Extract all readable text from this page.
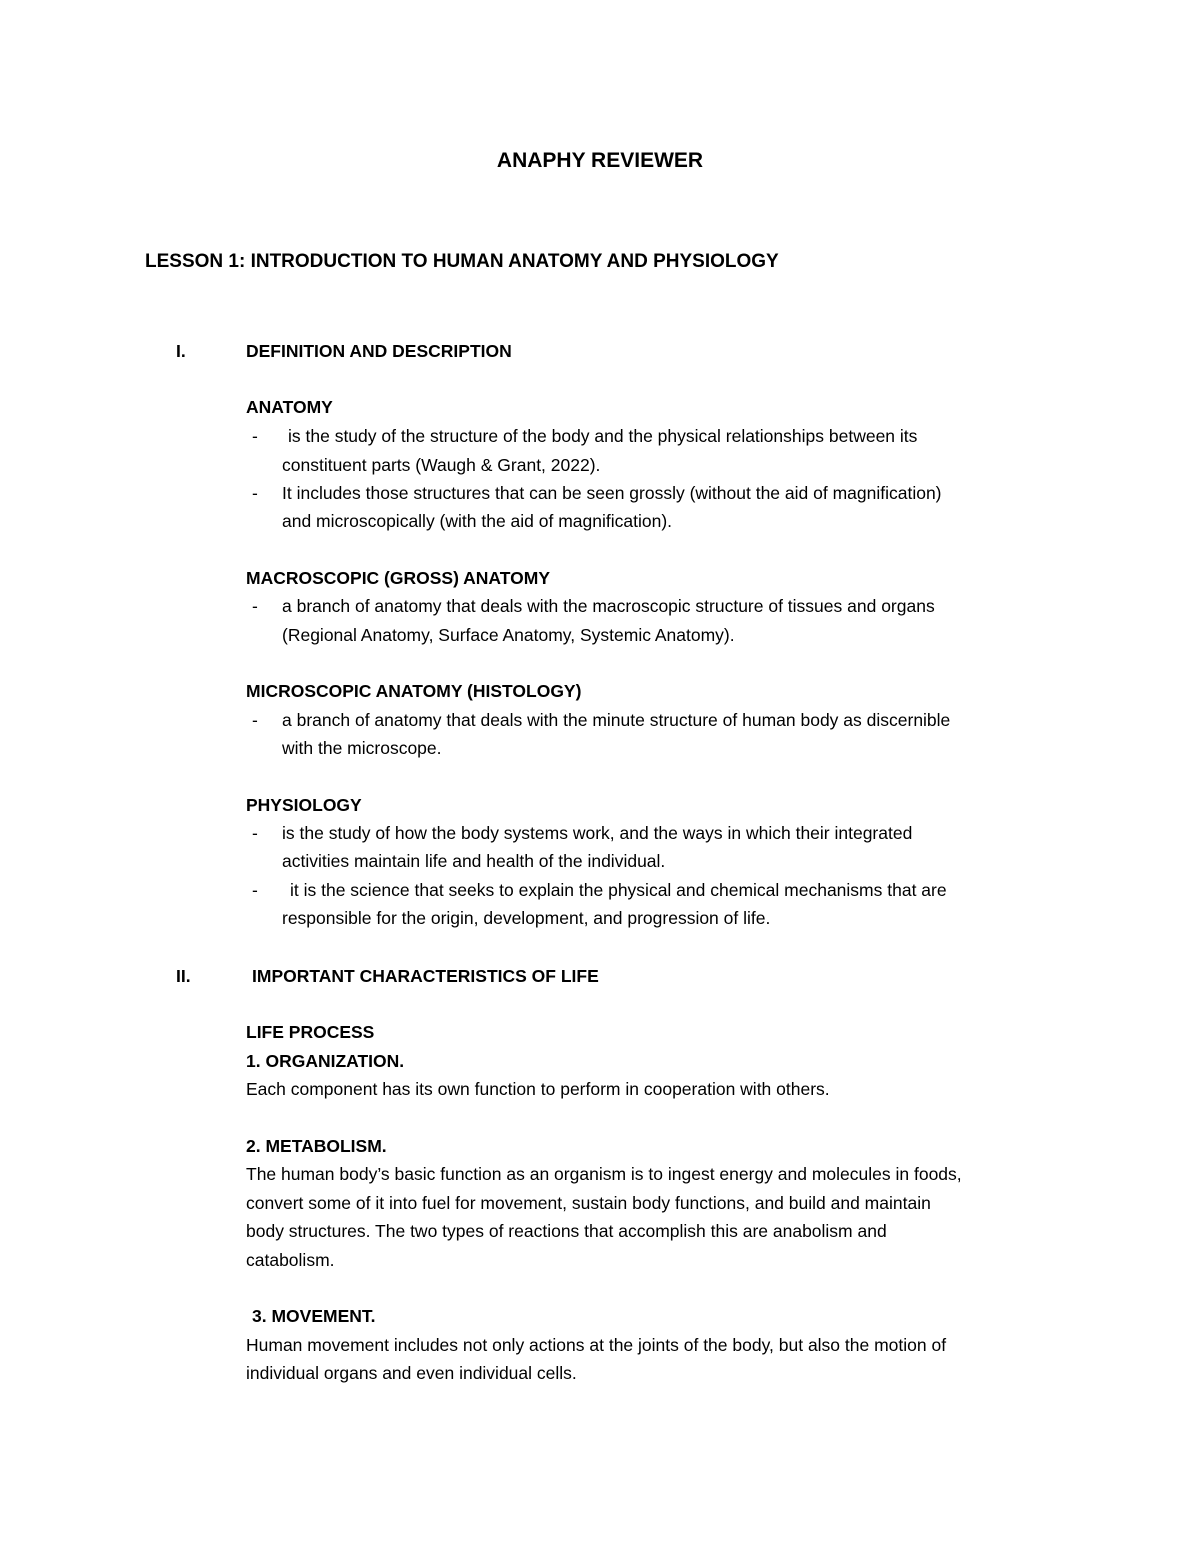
ANAPHY REVIEWER
LESSON 1: INTRODUCTION TO HUMAN ANATOMY AND PHYSIOLOGY
I.	DEFINITION AND DESCRIPTION
ANATOMY
- is the study of the structure of the body and the physical relationships between its
constituent parts (Waugh & Grant, 2022).
- It includes those structures that can be seen grossly (without the aid of magnification)
and microscopically (with the aid of magnification).
MACROSCOPIC (GROSS) ANATOMY
- a branch of anatomy that deals with the macroscopic structure of tissues and organs
(Regional Anatomy, Surface Anatomy, Systemic Anatomy).
MICROSCOPIC ANATOMY (HISTOLOGY)
- a branch of anatomy that deals with the minute structure of human body as discernible
with the microscope.
PHYSIOLOGY
- is the study of how the body systems work, and the ways in which their integrated
activities maintain life and health of the individual.
- it is the science that seeks to explain the physical and chemical mechanisms that are
responsible for the origin, development, and progression of life.
II.	IMPORTANT CHARACTERISTICS OF LIFE
LIFE PROCESS
1. ORGANIZATION.
Each component has its own function to perform in cooperation with others.
2. METABOLISM.
The human body’s basic function as an organism is to ingest energy and molecules in foods,
convert some of it into fuel for movement, sustain body functions, and build and maintain
body structures. The two types of reactions that accomplish this are anabolism and
catabolism.
3. MOVEMENT.
Human movement includes not only actions at the joints of the body, but also the motion of
individual organs and even individual cells.
